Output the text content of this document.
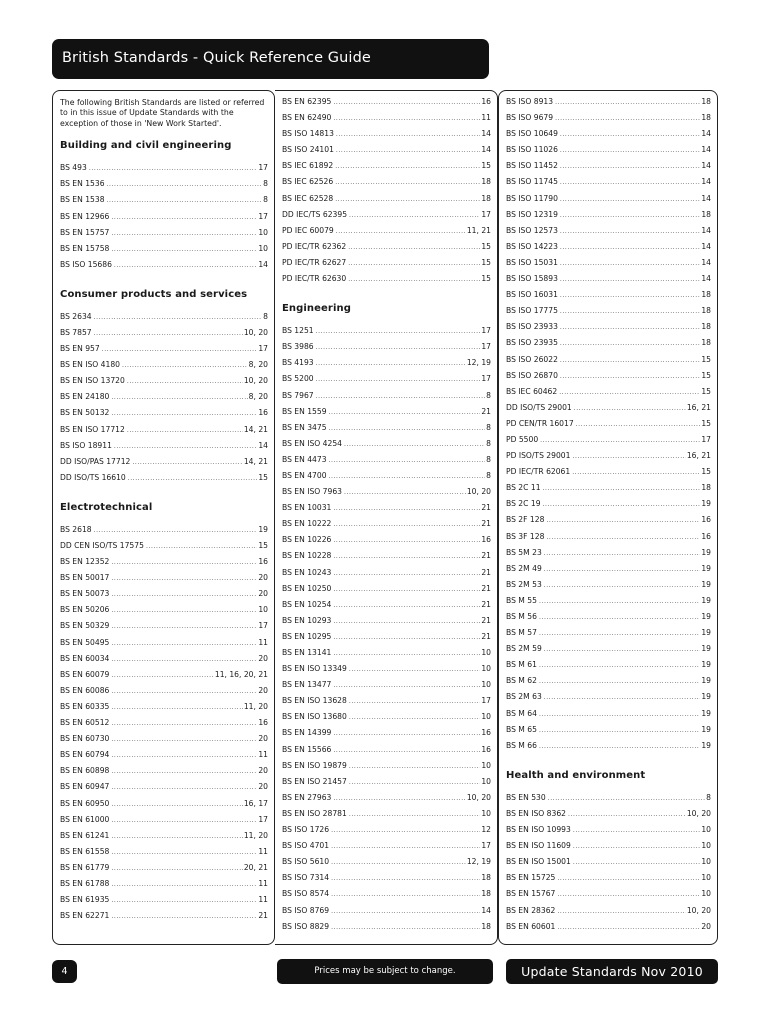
British Standards - Quick Reference Guide

The following British Standards are listed or referred to in this issue of Update Standards with the exception of those in 'New Work Started'.

Building and civil engineering
BS 493 .....	17
BS EN 1536 .....	8
BS EN 1538 .....	8
BS EN 12966 .....	17
BS EN 15757 .....	10
BS EN 15758 .....	10
BS ISO 15686 .....	14
Consumer products and services
BS 2634 .....	8
BS 7857 .....	10, 20
BS EN 957 .....	17
BS EN ISO 4180 .....	8, 20
BS EN ISO 13720 .....	10, 20
BS EN 24180 .....	8, 20
BS EN 50132 .....	16
BS EN ISO 17712 .....	14, 21
BS ISO 18911 .....	14
DD ISO/PAS 17712 .....	14, 21
DD ISO/TS 16610 .....	15
Electrotechnical
BS 2618 .....	19
DD CEN ISO/TS 17575 .....	15
BS EN 12352 .....	16
BS EN 50017 .....	20
BS EN 50073 .....	20
BS EN 50206 .....	10
BS EN 50329 .....	17
BS EN 50495 .....	11
BS EN 60034 .....	20
BS EN 60079 .....	11, 16, 20, 21
BS EN 60086 .....	20
BS EN 60335 .....	11, 20
BS EN 60512 .....	16
BS EN 60730 .....	20
BS EN 60794 .....	11
BS EN 60898 .....	20
BS EN 60947 .....	20
BS EN 60950 .....	16, 17
BS EN 61000 .....	17
BS EN 61241 .....	11, 20
BS EN 61558 .....	11
BS EN 61779 .....	20, 21
BS EN 61788 .....	11
BS EN 61935 .....	11
BS EN 62271 .....	21
BS EN 62395 .....	16
BS EN 62490 .....	11
BS ISO 14813 .....	14
BS ISO 24101 .....	14
BS IEC 61892 .....	15
BS IEC 62526 .....	18
BS IEC 62528 .....	18
DD IEC/TS 62395 .....	17
PD IEC 60079 .....	11, 21
PD IEC/TR 62362 .....	15
PD IEC/TR 62627 .....	15
PD IEC/TR 62630 .....	15
Engineering
BS 1251 .....	17
BS 3986 .....	17
BS 4193 .....	12, 19
BS 5200 .....	17
BS 7967 .....	8
BS EN 1559 .....	21
BS EN 3475 .....	8
BS EN ISO 4254 .....	8
BS EN 4473 .....	8
BS EN 4700 .....	8
BS EN ISO 7963 .....	10, 20
BS EN 10031 .....	21
BS EN 10222 .....	21
BS EN 10226 .....	16
BS EN 10228 .....	21
BS EN 10243 .....	21
BS EN 10250 .....	21
BS EN 10254 .....	21
BS EN 10293 .....	21
BS EN 10295 .....	21
BS EN 13141 .....	10
BS EN ISO 13349 .....	10
BS EN 13477 .....	10
BS EN ISO 13628 .....	17
BS EN ISO 13680 .....	10
BS EN 14399 .....	16
BS EN 15566 .....	16
BS EN ISO 19879 .....	10
BS EN ISO 21457 .....	10
BS EN 27963 .....	10, 20
BS EN ISO 28781 .....	10
BS ISO 1726 .....	12
BS ISO 4701 .....	17
BS ISO 5610 .....	12, 19
BS ISO 7314 .....	18
BS ISO 8574 .....	18
BS ISO 8769 .....	14
BS ISO 8829 .....	18
BS ISO 8913 .....	18
BS ISO 9679 .....	18
BS ISO 10649 .....	14
BS ISO 11026 .....	14
BS ISO 11452 .....	14
BS ISO 11745 .....	14
BS ISO 11790 .....	14
BS ISO 12319 .....	18
BS ISO 12573 .....	14
BS ISO 14223 .....	14
BS ISO 15031 .....	14
BS ISO 15893 .....	14
BS ISO 16031 .....	18
BS ISO 17775 .....	18
BS ISO 23933 .....	18
BS ISO 23935 .....	18
BS ISO 26022 .....	15
BS ISO 26870 .....	15
BS IEC 60462 .....	15
DD ISO/TS 29001 .....	16, 21
PD CEN/TR 16017 .....	15
PD 5500 .....	17
PD ISO/TS 29001 .....	16, 21
PD IEC/TR 62061 .....	15
BS 2C 11 .....	18
BS 2C 19 .....	19
BS 2F 128 .....	16
BS 3F 128 .....	16
BS 5M 23 .....	19
BS 2M 49 .....	19
BS 2M 53 .....	19
BS M 55 .....	19
BS M 56 .....	19
BS M 57 .....	19
BS 2M 59 .....	19
BS M 61 .....	19
BS M 62 .....	19
BS 2M 63 .....	19
BS M 64 .....	19
BS M 65 .....	19
BS M 66 .....	19
Health and environment
BS EN 530 .....	8
BS EN ISO 8362 .....	10, 20
BS EN ISO 10993 .....	10
BS EN ISO 11609 .....	10
BS EN ISO 15001 .....	10
BS EN 15725 .....	10
BS EN 15767 .....	10
BS EN 28362 .....	10, 20
BS EN 60601 .....	20
4	Prices may be subject to change.	Update Standards Nov 2010
